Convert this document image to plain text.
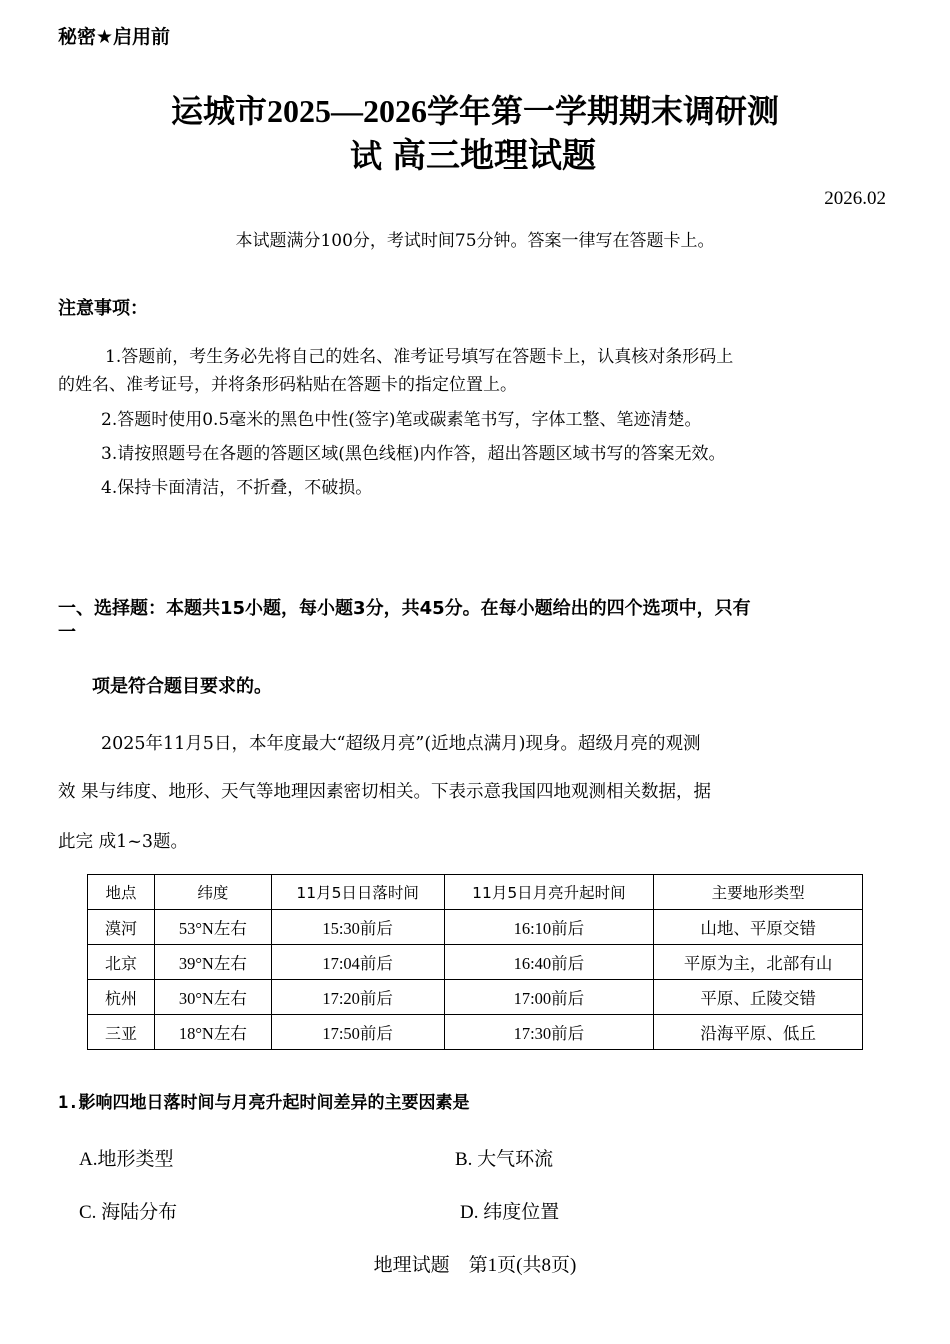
秘密★启用前
运城市2025—2026学年第一学期期末调研测
试 高三地理试题
2026.02
本试题满分100分，考试时间75分钟。答案一律写在答题卡上。
注意事项：
1.答题前，考生务必先将自己的姓名、准考证号填写在答题卡上，认真核对条形码上
的姓名、准考证号，并将条形码粘贴在答题卡的指定位置上。
2.答题时使用0.5毫米的黑色中性(签字)笔或碳素笔书写，字体工整、笔迹清楚。
3.请按照题号在各题的答题区域(黑色线框)内作答，超出答题区域书写的答案无效。
4.保持卡面清洁，不折叠，不破损。
一、选择题：本题共15小题，每小题3分，共45分。在每小题给出的四个选项中，只有
一
项是符合题目要求的。
2025年11月5日，本年度最大“超级月亮”(近地点满月)现身。超级月亮的观测
效 果与纬度、地形、天气等地理因素密切相关。下表示意我国四地观测相关数据，据
此完 成1~3题。
地点	纬度	11月5日日落时间	11月5日月亮升起时间	主要地形类型
漠河	53°N左右	15:30前后	16:10前后	山地、平原交错
北京	39°N左右	17:04前后	16:40前后	平原为主，北部有山
杭州	30°N左右	17:20前后	17:00前后	平原、丘陵交错
三亚	18°N左右	17:50前后	17:30前后	沿海平原、低丘
1.影响四地日落时间与月亮升起时间差异的主要因素是
A.地形类型	B. 大气环流
C. 海陆分布	D. 纬度位置
地理试题　第1页(共8页)
